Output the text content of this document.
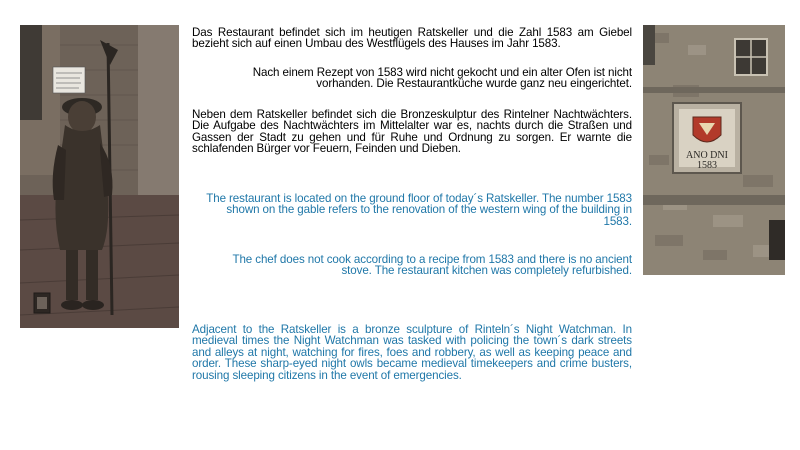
ANO DNI
1583
Das Restaurant befindet sich im heutigen Ratskeller und die Zahl 1583 am Giebel bezieht sich auf einen Umbau des Westflügels des Hauses im Jahr 1583.
Nach einem Rezept von 1583 wird nicht gekocht und ein alter Ofen ist nicht vorhanden. Die Restaurantküche wurde ganz neu eingerichtet.
Neben dem Ratskeller befindet sich die Bronzeskulptur des Rintelner Nachtwächters. Die Aufgabe des Nachtwächters im Mittelalter war es, nachts durch die Straßen und Gassen der Stadt zu gehen und für Ruhe und Ordnung zu sorgen. Er warnte die schlafenden Bürger vor Feuern, Feinden und Dieben.
The restaurant is located on the ground floor of today´s Ratskeller. The number 1583 shown on the gable refers to the renovation of the western wing of the building in 1583.
The chef does not cook according to a recipe from 1583 and there is no ancient stove. The restaurant kitchen was completely refurbished.
Adjacent to the Ratskeller is a bronze sculpture of Rinteln´s Night Watchman. In medieval times the Night Watchman was tasked with policing the town´s dark streets and alleys at night, watching for fires, foes and robbery, as well as keeping peace and order. These sharp-eyed night owls became medieval timekeepers and crime busters, rousing sleeping citizens in the event of emergencies.
